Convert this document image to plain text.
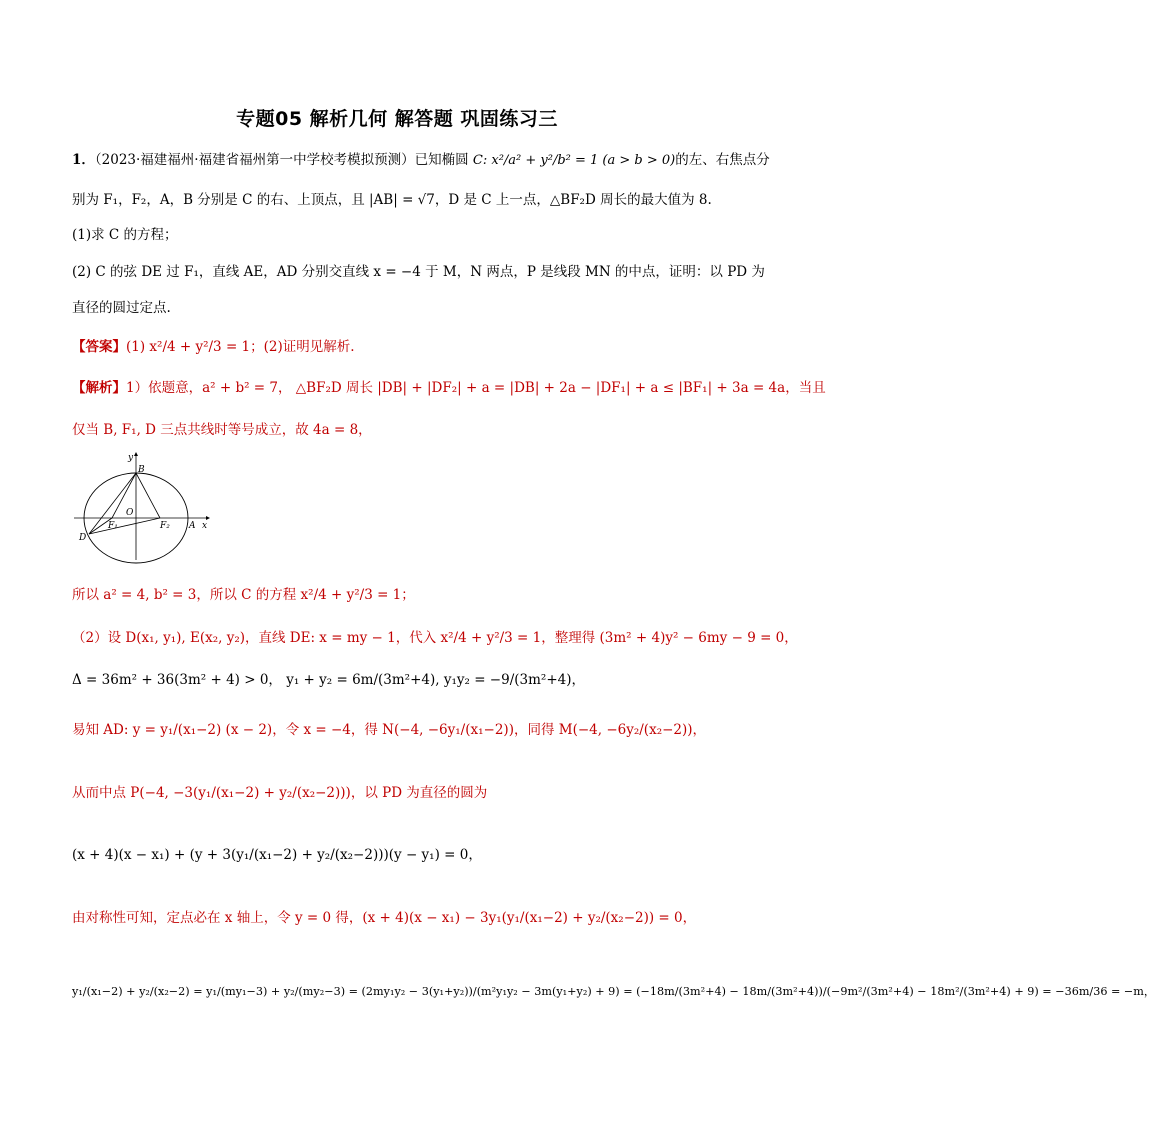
专题05 解析几何 解答题 巩固练习三
1．（2023·福建福州·福建省福州第一中学校考模拟预测）已知椭圆 C: x²/a² + y²/b² = 1 (a > b > 0)的左、右焦点分
别为 F₁，F₂，A，B 分别是 C 的右、上顶点，且 |AB| = √7，D 是 C 上一点，△BF₂D 周长的最大值为 8.
(1)求 C 的方程；
(2) C 的弦 DE 过 F₁，直线 AE，AD 分别交直线 x = −4 于 M，N 两点，P 是线段 MN 的中点，证明：以 PD 为
直径的圆过定点.
【答案】(1) x²/4 + y²/3 = 1；(2)证明见解析.
【解析】1）依题意，a² + b² = 7， △BF₂D 周长 |DB| + |DF₂| + a = |DB| + 2a − |DF₁| + a ≤ |BF₁| + 3a = 4a，当且
仅当 B, F₁, D 三点共线时等号成立，故 4a = 8，
y
B
O
F₁	F₂ A x
D
所以 a² = 4, b² = 3，所以 C 的方程 x²/4 + y²/3 = 1；
（2）设 D(x₁, y₁), E(x₂, y₂)，直线 DE: x = my − 1，代入 x²/4 + y²/3 = 1，整理得 (3m² + 4)y² − 6my − 9 = 0，
Δ = 36m² + 36(3m² + 4) > 0， y₁ + y₂ = 6m/(3m²+4), y₁y₂ = −9/(3m²+4)，
易知 AD: y = y₁/(x₁−2) (x − 2)，令 x = −4，得 N(−4, −6y₁/(x₁−2))，同得 M(−4, −6y₂/(x₂−2))，
从而中点 P(−4, −3(y₁/(x₁−2) + y₂/(x₂−2)))，以 PD 为直径的圆为
(x + 4)(x − x₁) + (y + 3(y₁/(x₁−2) + y₂/(x₂−2)))(y − y₁) = 0，
由对称性可知，定点必在 x 轴上，令 y = 0 得，(x + 4)(x − x₁) − 3y₁(y₁/(x₁−2) + y₂/(x₂−2)) = 0，
y₁/(x₁−2) + y₂/(x₂−2) = y₁/(my₁−3) + y₂/(my₂−3) = (2my₁y₂ − 3(y₁+y₂))/(m²y₁y₂ − 3m(y₁+y₂) + 9) = (−18m/(3m²+4) − 18m/(3m²+4))/(−9m²/(3m²+4) − 18m²/(3m²+4) + 9) = −36m/36 = −m，
